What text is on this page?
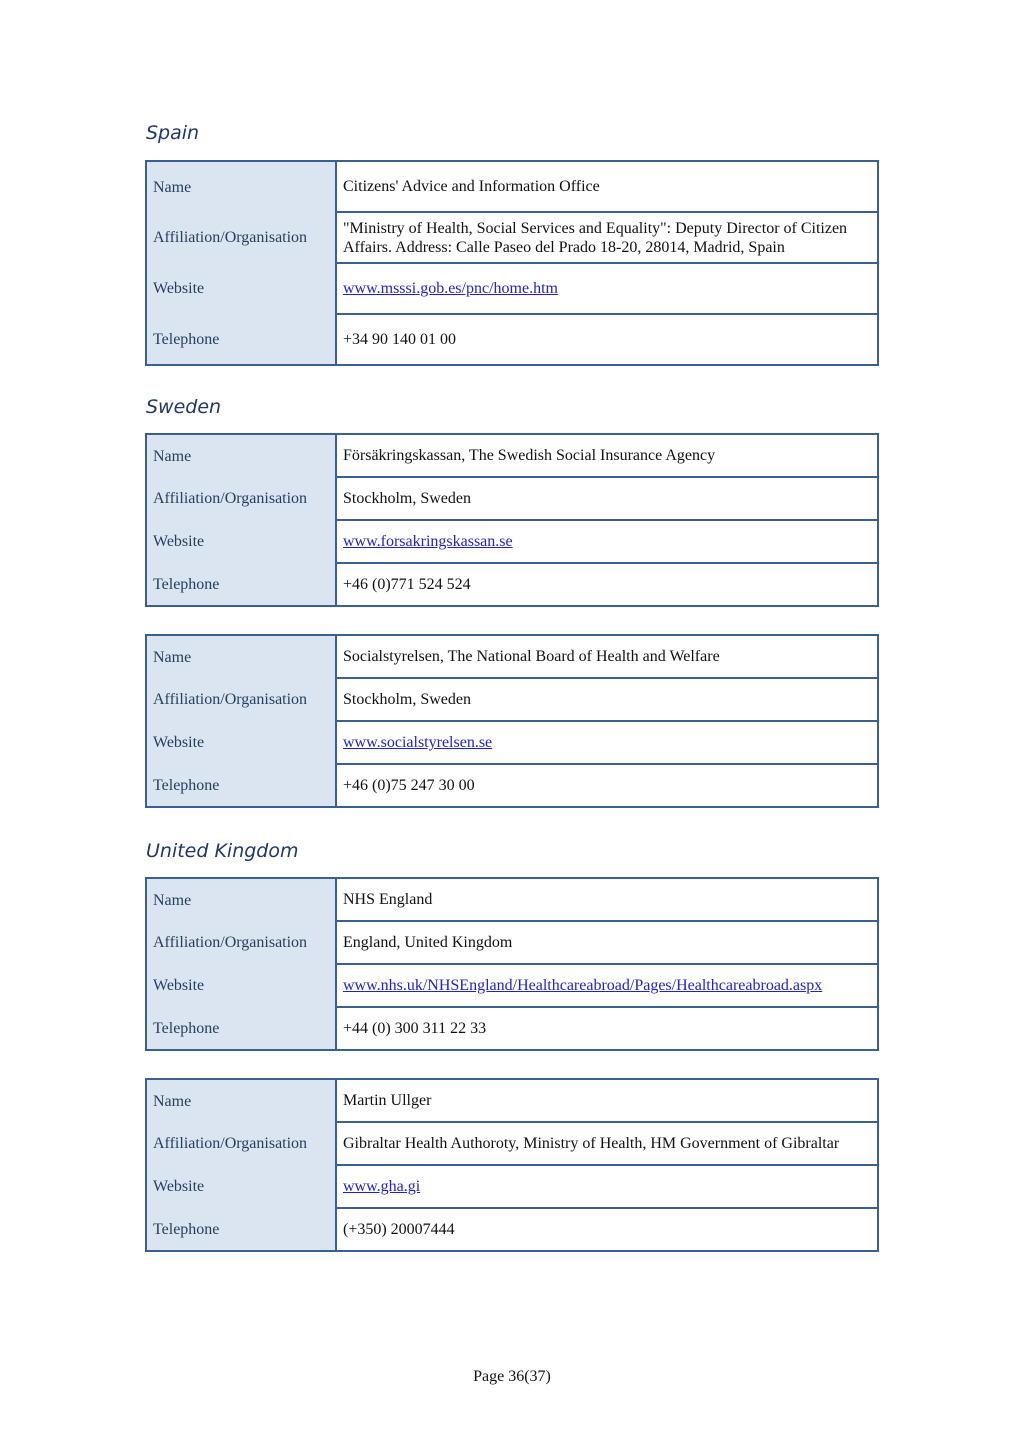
Spain
Name	Citizens' Advice and Information Office
Affiliation/Organisation	"Ministry of Health, Social Services and Equality": Deputy Director of Citizen Affairs. Address: Calle Paseo del Prado 18-20, 28014, Madrid, Spain
Website	www.msssi.gob.es/pnc/home.htm
Telephone	+34 90 140 01 00
Sweden
Name	Försäkringskassan, The Swedish Social Insurance Agency
Affiliation/Organisation	Stockholm, Sweden
Website	www.forsakringskassan.se
Telephone	+46 (0)771 524 524
Name	Socialstyrelsen, The National Board of Health and Welfare
Affiliation/Organisation	Stockholm, Sweden
Website	www.socialstyrelsen.se
Telephone	+46 (0)75 247 30 00
United Kingdom
Name	NHS England
Affiliation/Organisation	England, United Kingdom
Website	www.nhs.uk/NHSEngland/Healthcareabroad/Pages/Healthcareabroad.aspx
Telephone	+44 (0) 300 311 22 33
Name	Martin Ullger
Affiliation/Organisation	Gibraltar Health Authoroty, Ministry of Health, HM Government of Gibraltar
Website	www.gha.gi
Telephone	(+350) 20007444
Page 36(37)
